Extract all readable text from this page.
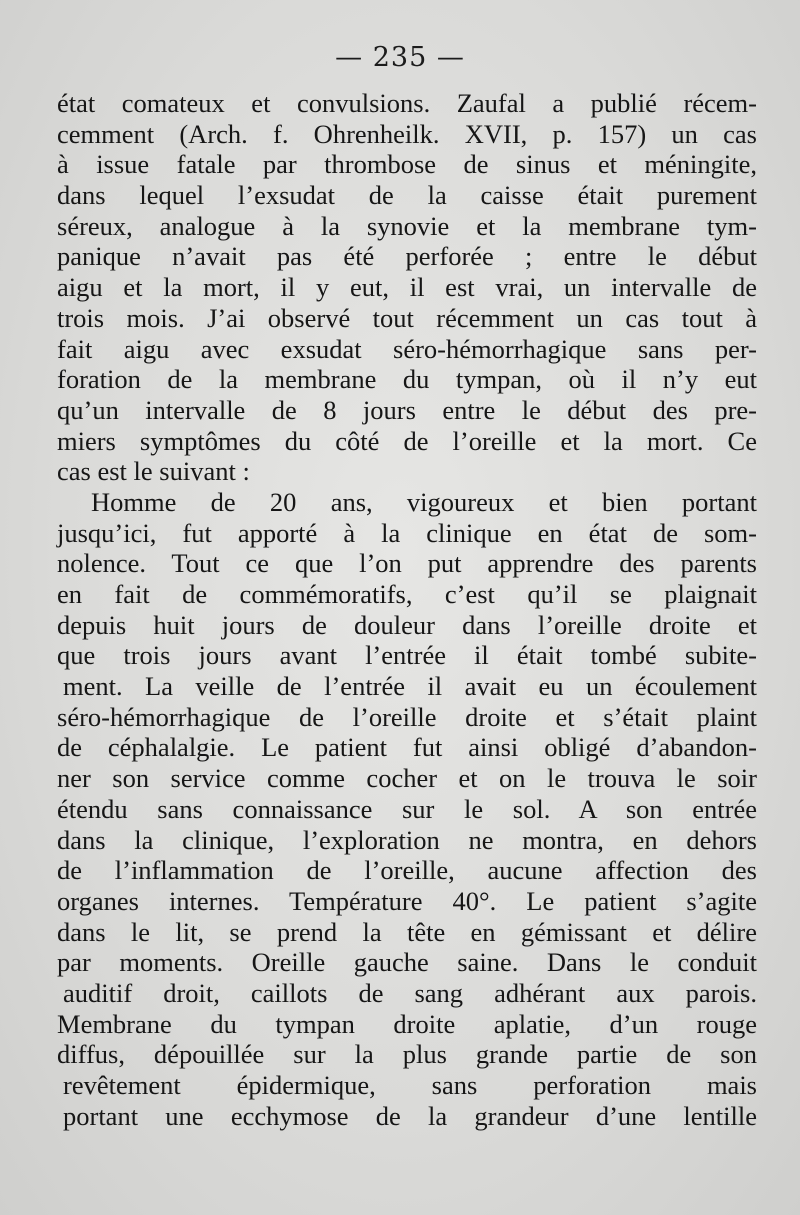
— 235 —
état comateux et convulsions. Zaufal a publié récem-
cemment (Arch. f. Ohrenheilk. XVII, p. 157) un cas
à issue fatale par thrombose de sinus et méningite,
dans lequel l’exsudat de la caisse était purement
séreux, analogue à la synovie et la membrane tym-
panique n’avait pas été perforée ; entre le début
aigu et la mort, il y eut, il est vrai, un intervalle de
trois mois. J’ai observé tout récemment un cas tout à
fait aigu avec exsudat séro-hémorrhagique sans per-
foration de la membrane du tympan, où il n’y eut
qu’un intervalle de 8 jours entre le début des pre-
miers symptômes du côté de l’oreille et la mort. Ce
cas est le suivant :
Homme de 20 ans, vigoureux et bien portant
jusqu’ici, fut apporté à la clinique en état de som-
nolence. Tout ce que l’on put apprendre des parents
en fait de commémoratifs, c’est qu’il se plaignait
depuis huit jours de douleur dans l’oreille droite et
que trois jours avant l’entrée il était tombé subite-
ment. La veille de l’entrée il avait eu un écoulement
séro-hémorrhagique de l’oreille droite et s’était plaint
de céphalalgie. Le patient fut ainsi obligé d’abandon-
ner son service comme cocher et on le trouva le soir
étendu sans connaissance sur le sol. A son entrée
dans la clinique, l’exploration ne montra, en dehors
de l’inflammation de l’oreille, aucune affection des
organes internes. Température 40°. Le patient s’agite
dans le lit, se prend la tête en gémissant et délire
par moments. Oreille gauche saine. Dans le conduit
auditif droit, caillots de sang adhérant aux parois.
Membrane du tympan droite aplatie, d’un rouge
diffus, dépouillée sur la plus grande partie de son
revêtement épidermique, sans perforation mais
portant une ecchymose de la grandeur d’une lentille
